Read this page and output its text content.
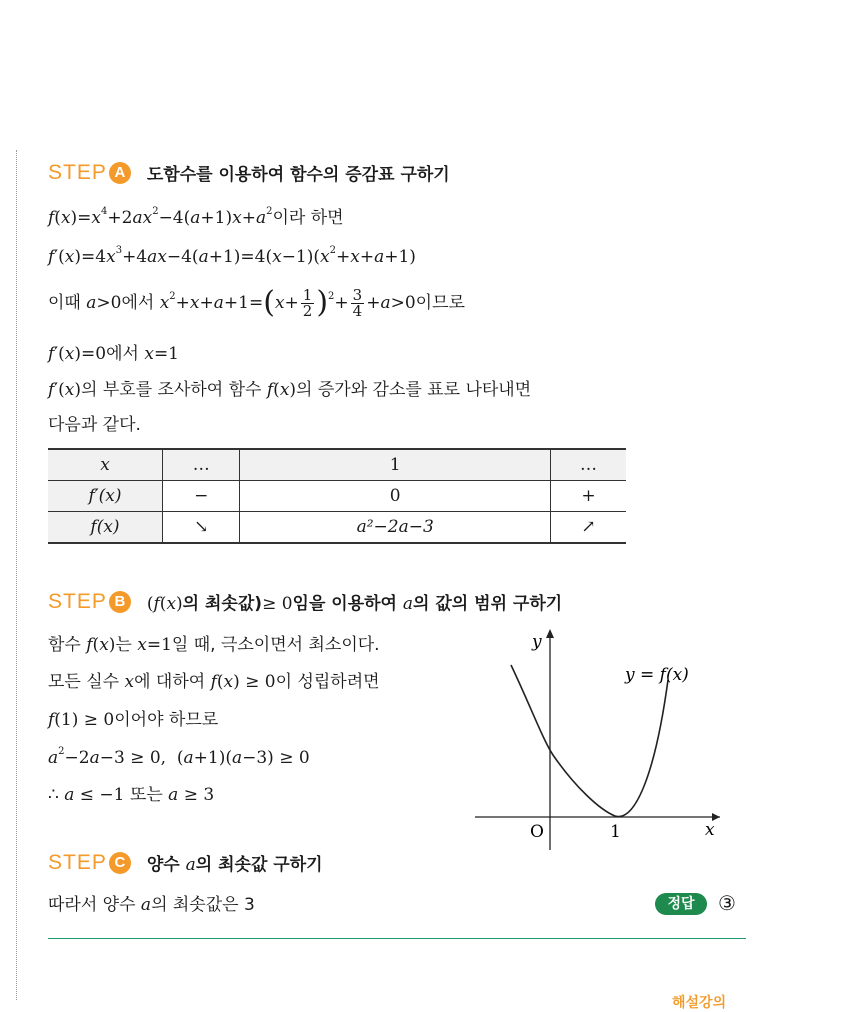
STEP A	도함수를 이용하여 함수의 증감표 구하기
$f(x)=x^4+2ax^2-4(a+1)x+a^2$이라 하면
$f'(x)=4x^3+4ax-4(a+1)=4(x-1)(x^2+x+a+1)$
이때 a>0에서 $x^2+x+a+1=(x+ \frac{1}{2} )^2+ \frac{3}{4} +a>0$이므로
f′(x)=0에서 x=1
f′(x)의 부호를 조사하여 함수 f(x)의 증가와 감소를 표로 나타내면
다음과 같다.
x	…	1	…
f′(x)	−	0	+
f(x)	↘	a²−2a−3	↗
STEP B	(f(x)의 최솟값)≥ 0임을 이용하여 a의 값의 범위 구하기
함수 f(x)는 x=1일 때, 극소이면서 최소이다.
모든 실수 x에 대하여 f(x) ≥ 0이 성립하려면
f(1) ≥ 0이어야 하므로
$a^2-2a-3 \ge 0$,  (a+1)(a−3) ≥ 0
∴ a ≤ −1 또는 a ≥ 3
y
x
O	1
y = f(x)
STEP C	양수 a의 최솟값 구하기
따라서 양수 a의 최솟값은 3	정답	③
해설강의
